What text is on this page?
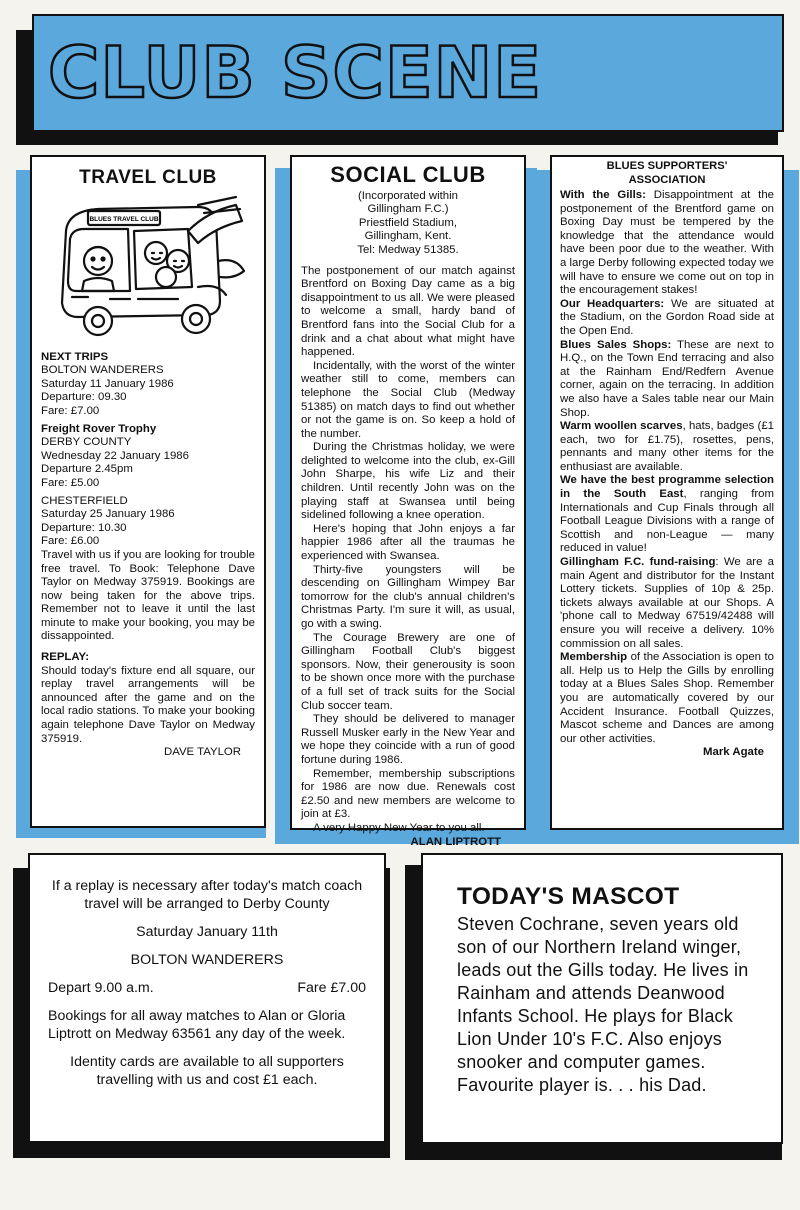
CLUB SCENE
TRAVEL CLUB
BLUES TRAVEL CLUB

NEXT TRIPS

BOLTON WANDERERS

Saturday 11 January 1986

Departure: 09.30

Fare: £7.00

Freight Rover Trophy

DERBY COUNTY

Wednesday 22 January 1986

Departure 2.45pm

Fare: £5.00

CHESTERFIELD

Saturday 25 January 1986

Departure: 10.30

Fare: £6.00

Travel with us if you are looking for trouble free travel. To Book: Telephone Dave Taylor on Medway 375919. Bookings are now being taken for the above trips. Remember not to leave it until the last minute to make your booking, you may be dissappointed.

REPLAY:

Should today's fixture end all square, our replay travel arrangements will be announced after the game and on the local radio stations. To make your booking again telephone Dave Taylor on Medway 375919.

DAVE TAYLOR

SOCIAL CLUB

(Incorporated within

Gillingham F.C.)

Priestfield Stadium,

Gillingham, Kent.

Tel: Medway 51385.

The postponement of our match against Brentford on Boxing Day came as a big disappointment to us all. We were pleased to welcome a small, hardy band of Brentford fans into the Social Club for a drink and a chat about what might have happened.

Incidentally, with the worst of the winter weather still to come, members can telephone the Social Club (Medway 51385) on match days to find out whether or not the game is on. So keep a hold of the number.

During the Christmas holiday, we were delighted to welcome into the club, ex-Gill John Sharpe, his wife Liz and their children. Until recently John was on the playing staff at Swansea until being sidelined following a knee operation.

Here's hoping that John enjoys a far happier 1986 after all the traumas he experienced with Swansea.

Thirty-five youngsters will be descending on Gillingham Wimpey Bar tomorrow for the club's annual children's Christmas Party. I'm sure it will, as usual, go with a swing.

The Courage Brewery are one of Gillingham Football Club's biggest sponsors. Now, their generousity is soon to be shown once more with the purchase of a full set of track suits for the Social Club soccer team.

They should be delivered to manager Russell Musker early in the New Year and we hope they coincide with a run of good fortune during 1986.

Remember, membership subscriptions for 1986 are now due. Renewals cost £2.50 and new members are welcome to join at £3.

A very Happy New Year to you all.

ALAN LIPTROTT

BLUES SUPPORTERS'
ASSOCIATION

With the Gills: Disappointment at the postponement of the Brentford game on Boxing Day must be tempered by the knowledge that the attendance would have been poor due to the weather. With a large Derby following expected today we will have to ensure we come out on top in the encouragement stakes!

Our Headquarters: We are situated at the Stadium, on the Gordon Road side at the Open End.

Blues Sales Shops: These are next to H.Q., on the Town End terracing and also at the Rainham End/Redfern Avenue corner, again on the terracing. In addition we also have a Sales table near our Main Shop.

Warm woollen scarves, hats, badges (£1 each, two for £1.75), rosettes, pens, pennants and many other items for the enthusiast are available.

We have the best programme selection in the South East, ranging from Internationals and Cup Finals through all Football League Divisions with a range of Scottish and non-League — many reduced in value!

Gillingham F.C. fund-raising: We are a main Agent and distributor for the Instant Lottery tickets. Supplies of 10p & 25p. tickets always available at our Shops. A 'phone call to Medway 67519/42488 will ensure you will receive a delivery. 10% commission on all sales.

Membership of the Association is open to all. Help us to Help the Gills by enrolling today at a Blues Sales Shop. Remember you are automatically covered by our Accident Insurance. Football Quizzes, Mascot scheme and Dances are among our other activities.

Mark Agate

If a replay is necessary after today's match coach travel will be arranged to Derby County

Saturday January 11th

BOLTON WANDERERS

Depart 9.00 a.m.	Fare £7.00

Bookings for all away matches to Alan or Gloria Liptrott on Medway 63561 any day of the week.

Identity cards are available to all supporters travelling with us and cost £1 each.

TODAY'S MASCOT

Steven Cochrane, seven years old son of our Northern Ireland winger, leads out the Gills today. He lives in Rainham and attends Deanwood Infants School. He plays for Black Lion Under 10's F.C. Also enjoys snooker and computer games. Favourite player is. . . his Dad.
